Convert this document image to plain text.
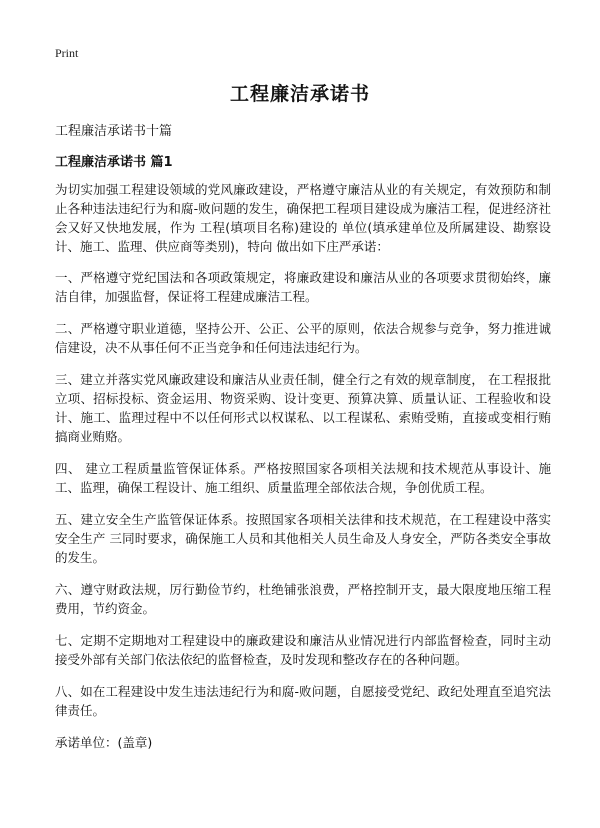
Print
工程廉洁承诺书
工程廉洁承诺书十篇
工程廉洁承诺书 篇1

为切实加强工程建设领域的党风廉政建设，严格遵守廉洁从业的有关规定，有效预防和制止各种违法违纪行为和腐-败问题的发生，确保把工程项目建设成为廉洁工程，促进经济社会又好又快地发展，作为 工程(填项目名称)建设的 单位(填承建单位及所属建设、勘察设计、施工、监理、供应商等类别)，特向 做出如下庄严承诺：

一、严格遵守党纪国法和各项政策规定，将廉政建设和廉洁从业的各项要求贯彻始终，廉洁自律，加强监督，保证将工程建成廉洁工程。

二、严格遵守职业道德，坚持公开、公正、公平的原则，依法合规参与竞争，努力推进诚信建设，决不从事任何不正当竞争和任何违法违纪行为。

三、建立并落实党风廉政建设和廉洁从业责任制，健全行之有效的规章制度， 在工程报批立项、招标投标、资金运用、物资采购、设计变更、预算决算、质量认证、工程验收和设计、施工、监理过程中不以任何形式以权谋私、以工程谋私、索贿受贿，直接或变相行贿搞商业贿赂。

四、 建立工程质量监管保证体系。严格按照国家各项相关法规和技术规范从事设计、施工、监理，确保工程设计、施工组织、质量监理全部依法合规，争创优质工程。

五、建立安全生产监管保证体系。按照国家各项相关法律和技术规范，在工程建设中落实安全生产 三同时要求，确保施工人员和其他相关人员生命及人身安全，严防各类安全事故的发生。

六、遵守财政法规，厉行勤俭节约，杜绝铺张浪费，严格控制开支，最大限度地压缩工程费用，节约资金。

七、定期不定期地对工程建设中的廉政建设和廉洁从业情况进行内部监督检查，同时主动接受外部有关部门依法依纪的监督检查，及时发现和整改存在的各种问题。

八、如在工程建设中发生违法违纪行为和腐-败问题，自愿接受党纪、政纪处理直至追究法律责任。

承诺单位：(盖章)
